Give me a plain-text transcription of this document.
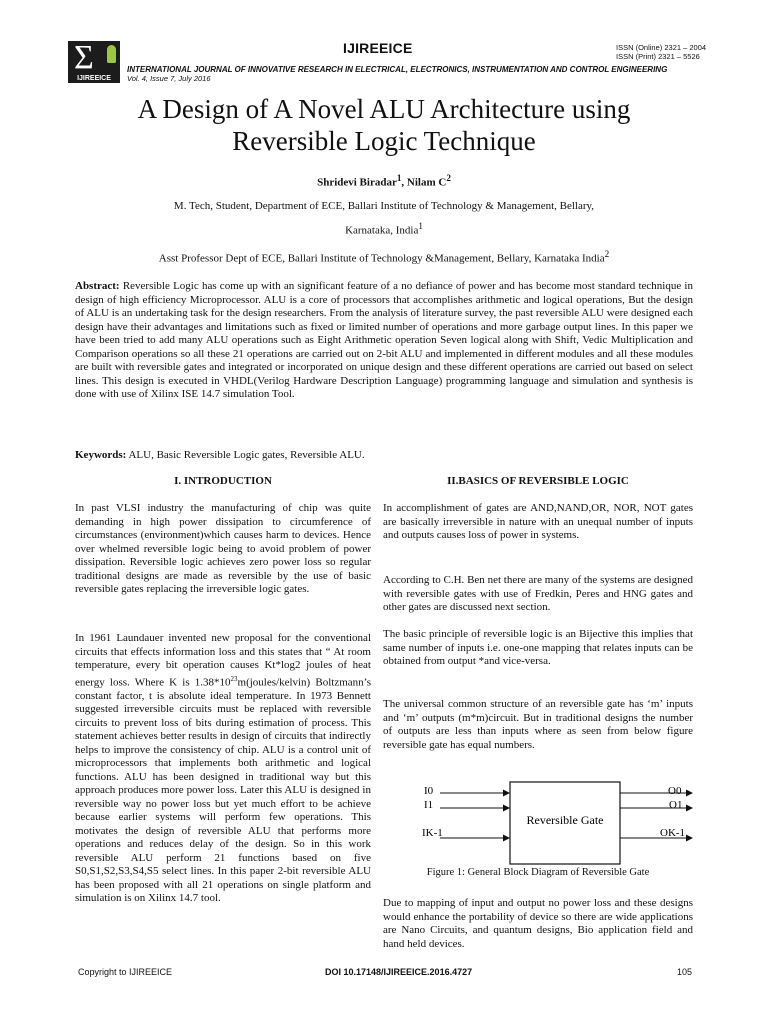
Σ
IJIREEICE
IJIREEICE	ISSN (Online) 2321 – 2004
ISSN (Print) 2321 – 5526
INTERNATIONAL JOURNAL OF INNOVATIVE RESEARCH IN ELECTRICAL, ELECTRONICS, INSTRUMENTATION AND CONTROL ENGINEERING
Vol. 4, Issue 7, July 2016
A Design of A Novel ALU Architecture using
Reversible Logic Technique
Shridevi Biradar$^1$, Nilam $C^2$
M. Tech, Student, Department of ECE, Ballari Institute of Technology & Management, Bellary,
Karnataka, India$^1$
Asst Professor Dept of ECE, Ballari Institute of Technology &Management, Bellary, Karnataka India$^2$
Abstract: Reversible Logic has come up with an significant feature of a no defiance of power and has become most standard technique in design of high efficiency Microprocessor. ALU is a core of processors that accomplishes arithmetic and logical operations, But the design of ALU is an undertaking task for the design researchers. From the analysis of literature survey, the past reversible ALU were designed each design have their advantages and limitations such as fixed or limited number of operations and more garbage output lines. In this paper we have been tried to add many ALU operations such as Eight Arithmetic operation Seven logical along with Shift, Vedic Multiplication and Comparison operations so all these 21 operations are carried out on 2-bit ALU and implemented in different modules and all these modules are built with reversible gates and integrated or incorporated on unique design and these different operations are carried out based on select lines. This design is executed in VHDL(Verilog Hardware Description Language) programming language and simulation and synthesis is done with use of Xilinx ISE 14.7 simulation Tool.
Keywords: ALU, Basic Reversible Logic gates, Reversible ALU.
I. INTRODUCTION
In past VLSI industry the manufacturing of chip was quite demanding in high power dissipation to circumference of circumstances (environment)which causes harm to devices. Hence over whelmed reversible logic being to avoid problem of power dissipation. Reversible logic achieves zero power loss so regular traditional designs are made as reversible by the use of basic reversible gates replacing the irreversible logic gates.
In 1961 Laundauer invented new proposal for the conventional circuits that effects information loss and this states that “ At room temperature, every bit operation causes Kt*log2 joules of heat energy loss. Where K is $1.38*10^{23}m(joules/kelvin)$ Boltzmann’s constant factor, t is absolute ideal temperature. In 1973 Bennett suggested irreversible circuits must be replaced with reversible circuits to prevent loss of bits during estimation of process. This statement achieves better results in design of circuits that indirectly helps to improve the consistency of chip. ALU is a control unit of microprocessors that implements both arithmetic and logical functions. ALU has been designed in traditional way but this approach produces more power loss. Later this ALU is designed in reversible way no power loss but yet much effort to be achieve because earlier systems will perform few operations. This motivates the design of reversible ALU that performs more operations and reduces delay of the design. So in this work reversible ALU perform 21 functions based on five S0,S1,S2,S3,S4,S5 select lines. In this paper 2-bit reversible ALU has been proposed with all 21 operations on single platform and simulation is on Xilinx 14.7 tool.
II.BASICS OF REVERSIBLE LOGIC
In accomplishment of gates are AND,NAND,OR, NOR, NOT gates are basically irreversible in nature with an unequal number of inputs and outputs causes loss of power in systems.
According to C.H. Ben net there are many of the systems are designed with reversible gates with use of Fredkin, Peres and HNG gates and other gates are discussed next section.
The basic principle of reversible logic is an Bijective this implies that same number of inputs i.e. one-one mapping that relates inputs can be obtained from output *and vice-versa.
The universal common structure of an reversible gate has ‘m’ inputs and ‘m’ outputs (m*m)circuit. But in traditional designs the number of outputs are less than inputs where as seen from below figure reversible gate has equal numbers.
Reversible Gate
I0
I1
IK-1
O0
O1
OK-1
Figure 1: General Block Diagram of Reversible Gate
Due to mapping of input and output no power loss and these designs would enhance the portability of device so there are wide applications are Nano Circuits, and quantum designs, Bio application field and hand held devices.
Copyright to IJIREEICE	DOI 10.17148/IJIREEICE.2016.4727	105
